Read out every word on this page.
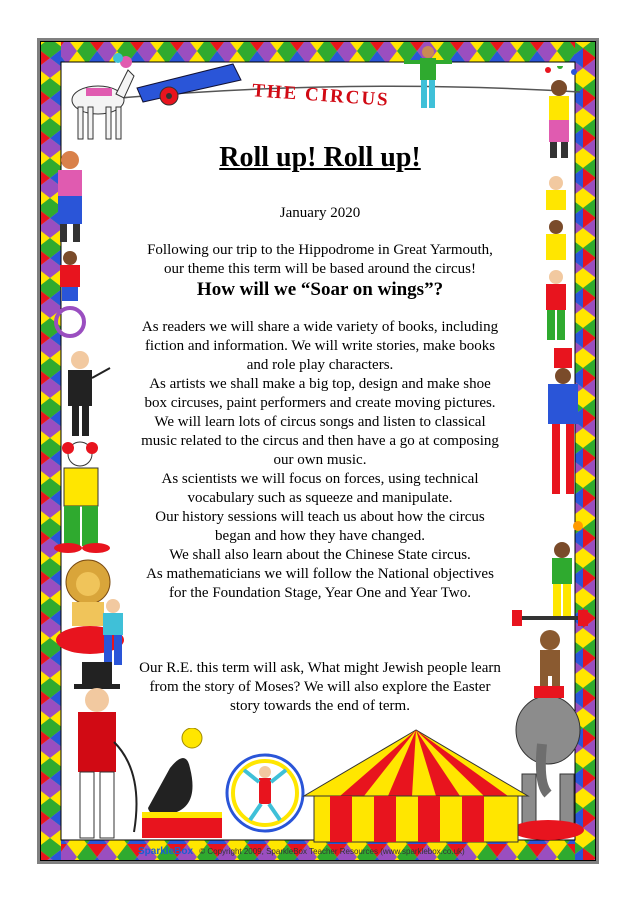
THE CIRCUS

Roll up! Roll up!

January 2020

Following our trip to the Hippodrome in Great Yarmouth,

our theme this term will be based around the circus!

How will we “Soar on wings”?

As readers we will share a wide variety of books, including

fiction and information. We will write stories, make books

and role play characters.

As artists we shall make a big top, design and make shoe

box circuses, paint performers and create moving pictures.

We will learn lots of circus songs and listen to classical

music related to the circus and then have a go at composing

our own music.

As scientists we will focus on forces, using technical

vocabulary such as squeeze and manipulate.

Our history sessions will teach us about how the circus

began and how they have changed.

We shall also learn about the Chinese State circus.

As mathematicians we will follow the National objectives

for the Foundation Stage, Year One and Year Two.

Our R.E. this term will ask, What might Jewish people learn

from the story of Moses? We will also explore the Easter

story towards the end of term.

SparkleBox © Copyright 2009, SparkleBox Teacher Resources (www.sparklebox.co.uk)
